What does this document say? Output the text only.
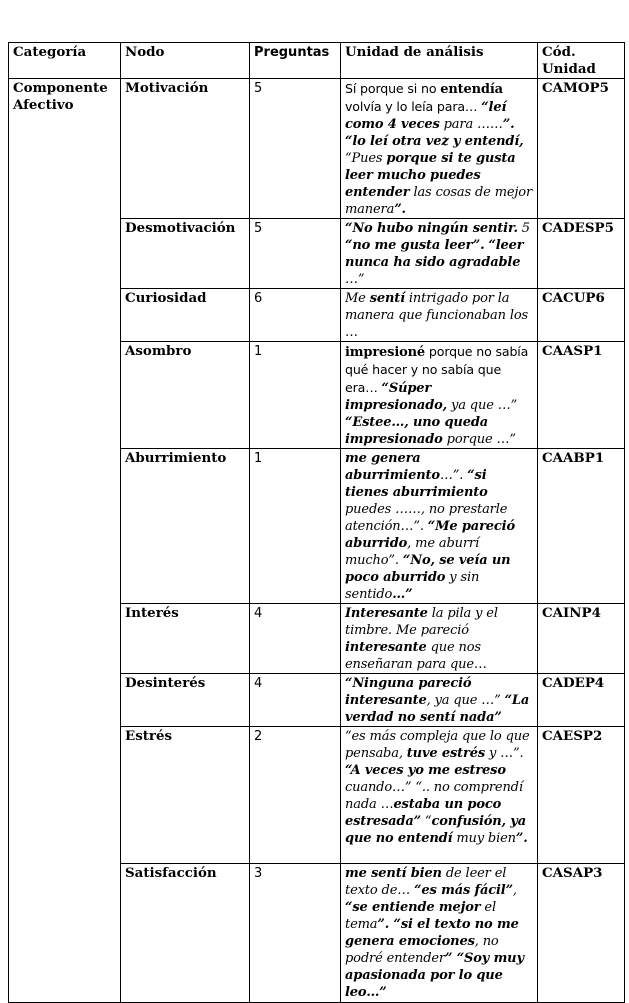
Categoría	Nodo	Preguntas	Unidad de análisis	Cód. Unidad
Componente Afectivo	Motivación	5	Sí porque si no entendía volvía y lo leía para… “leí como 4 veces para ……”. “lo leí otra vez y entendí, “Pues porque si te gusta leer mucho puedes entender las cosas de mejor manera”.	CAMOP5
	Desmotivación	5	“No hubo ningún sentir. 5 “no me gusta leer”. “leer nunca ha sido agradable …”	CADESP5
	Curiosidad	6	Me sentí intrigado por la manera que funcionaban los …	CACUP6
	Asombro	1	impresioné porque no sabía qué hacer y no sabía que era… “Súper impresionado, ya que …” “Estee…, uno queda impresionado porque …”	CAASP1
	Aburrimiento	1	me genera aburrimiento…”. “si tienes aburrimiento puedes ……, no prestarle atención…”. “Me pareció aburrido, me aburrí mucho”. “No, se veía un poco aburrido y sin sentido…”	CAABP1
	Interés	4	Interesante la pila y el timbre. Me pareció interesante que nos enseñaran para que…	CAINP4
	Desinterés	4	“Ninguna pareció interesante, ya que …” “La verdad no sentí nada”	CADEP4
	Estrés	2	“es más compleja que lo que pensaba, tuve estrés y …”. “A veces yo me estreso cuando…” “.. no comprendí nada …estaba un poco estresada” “confusión, ya que no entendí muy bien”.	CAESP2
	Satisfacción	3	me sentí bien de leer el texto de… “es más fácil”, “se entiende mejor el tema”. “si el texto no me genera emociones, no podré entender” “Soy muy apasionada por lo que leo…”	CASAP3
